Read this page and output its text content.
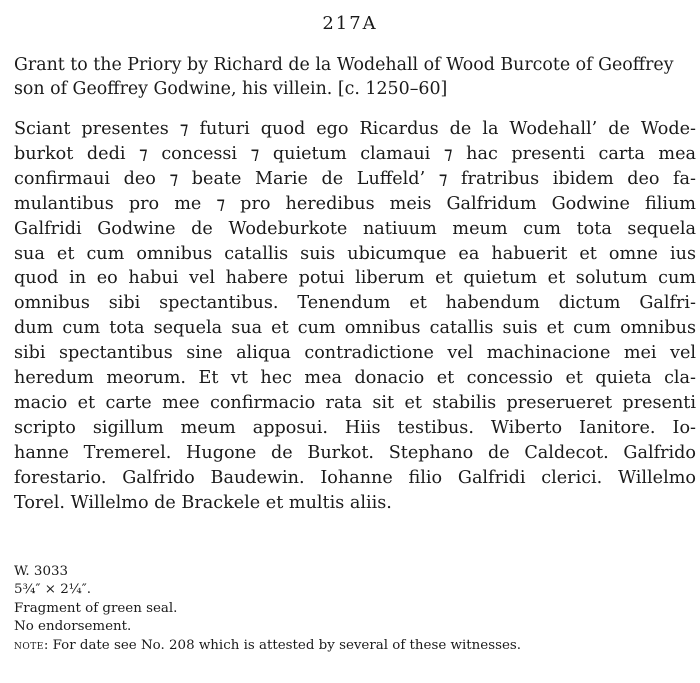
217A
Grant to the Priory by Richard de la Wodehall of Wood Burcote of Geoffrey
son of Geoffrey Godwine, his villein. [c. 1250–60]
Sciant presentes ⁊ futuri quod ego Ricardus de la Wodehall’ de Wode-
burkot dedi ⁊ concessi ⁊ quietum clamaui ⁊ hac presenti carta mea
confirmaui deo ⁊ beate Marie de Luffeld’ ⁊ fratribus ibidem deo fa-
mulantibus pro me ⁊ pro heredibus meis Galfridum Godwine filium
Galfridi Godwine de Wodeburkote natiuum meum cum tota sequela
sua et cum omnibus catallis suis ubicumque ea habuerit et omne ius
quod in eo habui vel habere potui liberum et quietum et solutum cum
omnibus sibi spectantibus. Tenendum et habendum dictum Galfri-
dum cum tota sequela sua et cum omnibus catallis suis et cum omnibus
sibi spectantibus sine aliqua contradictione vel machinacione mei vel
heredum meorum. Et vt hec mea donacio et concessio et quieta cla-
macio et carte mee confirmacio rata sit et stabilis preserueret presenti
scripto sigillum meum apposui. Hiis testibus. Wiberto Ianitore. Io-
hanne Tremerel. Hugone de Burkot. Stephano de Caldecot. Galfrido
forestario. Galfrido Baudewin. Iohanne filio Galfridi clerici. Willelmo
Torel. Willelmo de Brackele et multis aliis.
W. 3033
5¾″ × 2¼″.
Fragment of green seal.
No endorsement.
note: For date see No. 208 which is attested by several of these witnesses.
